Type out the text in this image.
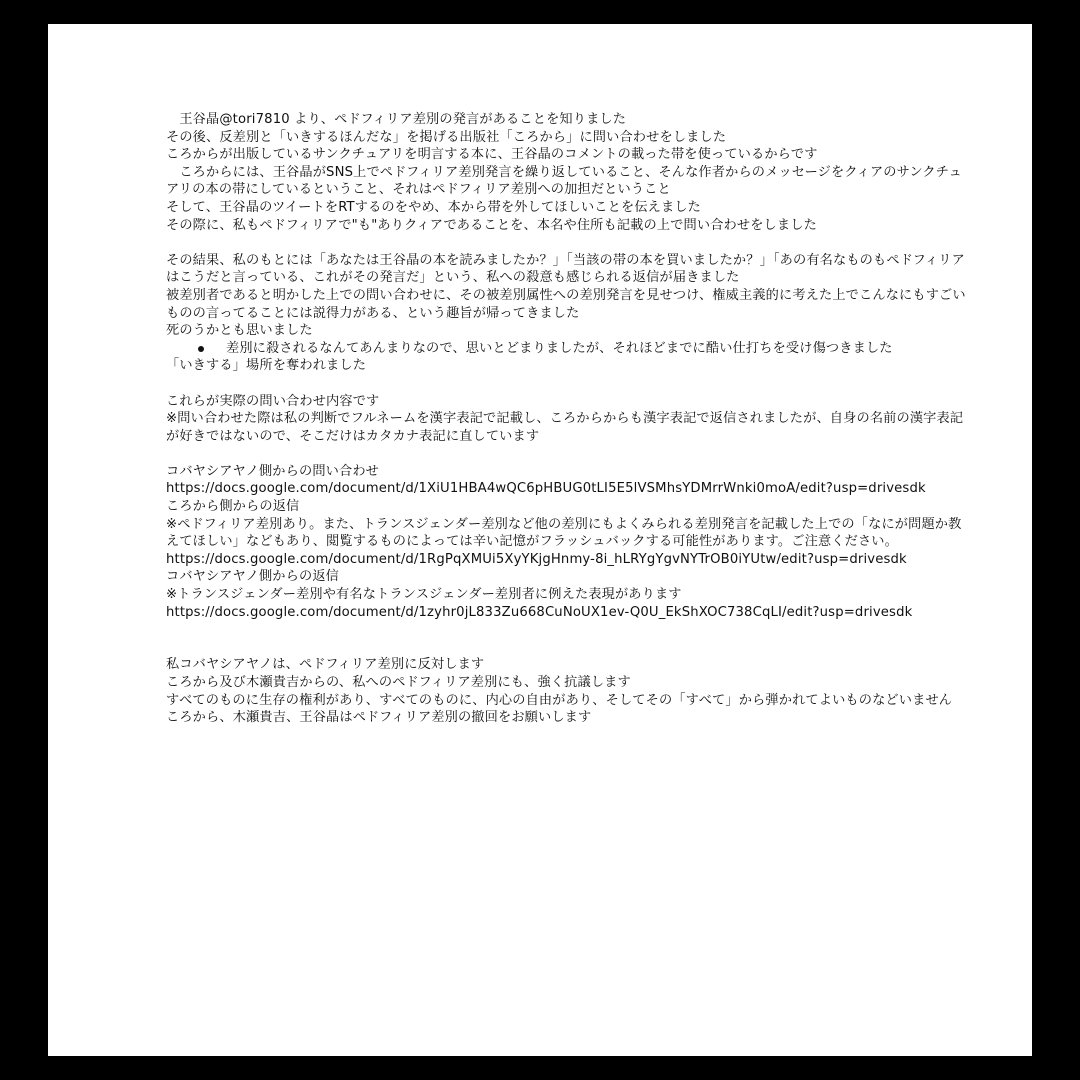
　王谷晶@tori7810 より、ペドフィリア差別の発言があることを知りました
その後、反差別と「いきするほんだな」を掲げる出版社「ころから」に問い合わせをしました
ころからが出版しているサンクチュアリを明言する本に、王谷晶のコメントの載った帯を使っているからです
　ころからには、王谷晶がSNS上でペドフィリア差別発言を繰り返していること、そんな作者からのメッセージをクィアのサンクチュアリの本の帯にしているということ、それはペドフィリア差別への加担だということ
そして、王谷晶のツイートをRTするのをやめ、本から帯を外してほしいことを伝えました
その際に、私もペドフィリアで"も"ありクィアであることを、本名や住所も記載の上で問い合わせをしました
その結果、私のもとには「あなたは王谷晶の本を読みましたか？」「当該の帯の本を買いましたか？」「あの有名なものもペドフィリアはこうだと言っている、これがその発言だ」という、私への殺意も感じられる返信が届きました
被差別者であると明かした上での問い合わせに、その被差別属性への差別発言を見せつけ、権威主義的に考えた上でこんなにもすごいものの言ってることには説得力がある、という趣旨が帰ってきました
死のうかとも思いました
差別に殺されるなんてあんまりなので、思いとどまりましたが、それほどまでに酷い仕打ちを受け傷つきました
「いきする」場所を奪われました
これらが実際の問い合わせ内容です
※問い合わせた際は私の判断でフルネームを漢字表記で記載し、ころからからも漢字表記で返信されましたが、自身の名前の漢字表記が好きではないので、そこだけはカタカナ表記に直しています
コバヤシアヤノ側からの問い合わせ
https://docs.google.com/document/d/1XiU1HBA4wQC6pHBUG0tLI5E5lVSMhsYDMrrWnki0moA/edit?usp=drivesdk
ころから側からの返信
※ペドフィリア差別あり。また、トランスジェンダー差別など他の差別にもよくみられる差別発言を記載した上での「なにが問題か教えてほしい」などもあり、閲覧するものによっては辛い記憶がフラッシュバックする可能性があります。ご注意ください。
https://docs.google.com/document/d/1RgPqXMUi5XyYKjgHnmy-8i_hLRYgYgvNYTrOB0iYUtw/edit?usp=drivesdk
コバヤシアヤノ側からの返信
※トランスジェンダー差別や有名なトランスジェンダー差別者に例えた表現があります
https://docs.google.com/document/d/1zyhr0jL833Zu668CuNoUX1ev-Q0U_EkShXOC738CqLI/edit?usp=drivesdk
私コバヤシアヤノは、ペドフィリア差別に反対します
ころから及び木瀬貴吉からの、私へのペドフィリア差別にも、強く抗議します
すべてのものに生存の権利があり、すべてのものに、内心の自由があり、そしてその「すべて」から弾かれてよいものなどいません
ころから、木瀬貴吉、王谷晶はペドフィリア差別の撤回をお願いします
